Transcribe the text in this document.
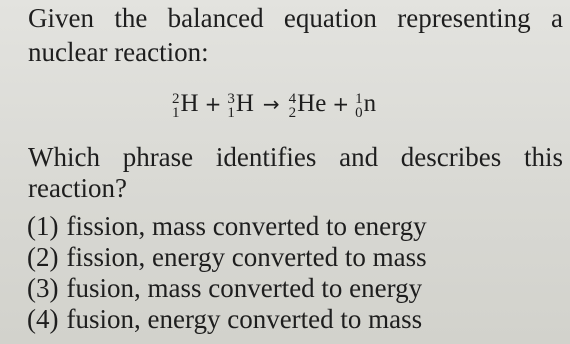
Given the balanced equation representing a
nuclear reaction:
2
1 H + 3
1 H → 4
2 He + 1
0 n
Which phrase identifies and describes this
reaction?
(1) fission, mass converted to energy
(2) fission, energy converted to mass
(3) fusion, mass converted to energy
(4) fusion, energy converted to mass
